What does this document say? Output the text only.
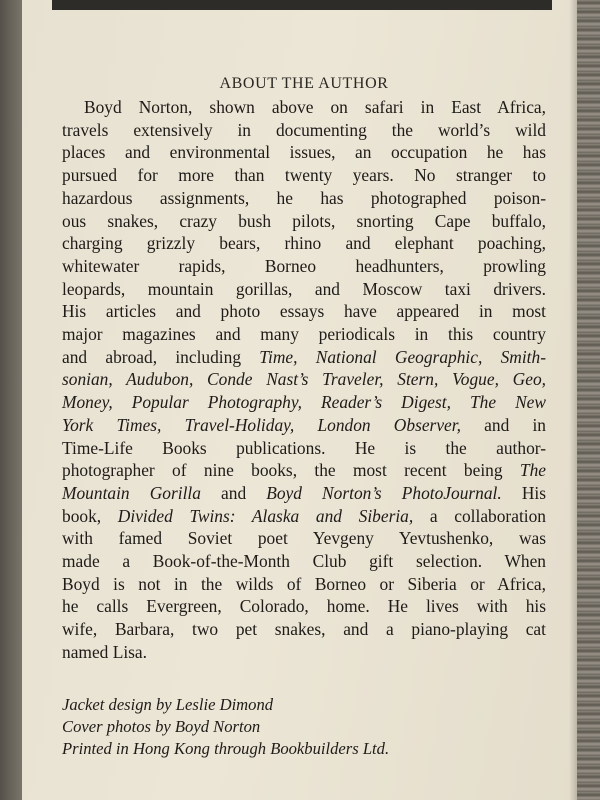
ABOUT THE AUTHOR
Boyd Norton, shown above on safari in East Africa,
travels extensively in documenting the world’s wild
places and environmental issues, an occupation he has
pursued for more than twenty years. No stranger to
hazardous assignments, he has photographed poison-
ous snakes, crazy bush pilots, snorting Cape buffalo,
charging grizzly bears, rhino and elephant poaching,
whitewater rapids, Borneo headhunters, prowling
leopards, mountain gorillas, and Moscow taxi drivers.
His articles and photo essays have appeared in most
major magazines and many periodicals in this country
and abroad, including Time, National Geographic, Smith-
sonian, Audubon, Conde Nast’s Traveler, Stern, Vogue, Geo,
Money, Popular Photography, Reader’s Digest, The New
York Times, Travel-Holiday, London Observer, and in
Time-Life Books publications. He is the author-
photographer of nine books, the most recent being The
Mountain Gorilla and Boyd Norton’s PhotoJournal. His
book, Divided Twins: Alaska and Siberia, a collaboration
with famed Soviet poet Yevgeny Yevtushenko, was
made a Book-of-the-Month Club gift selection. When
Boyd is not in the wilds of Borneo or Siberia or Africa,
he calls Evergreen, Colorado, home. He lives with his
wife, Barbara, two pet snakes, and a piano-playing cat
named Lisa.
Jacket design by Leslie Dimond
Cover photos by Boyd Norton
Printed in Hong Kong through Bookbuilders Ltd.
